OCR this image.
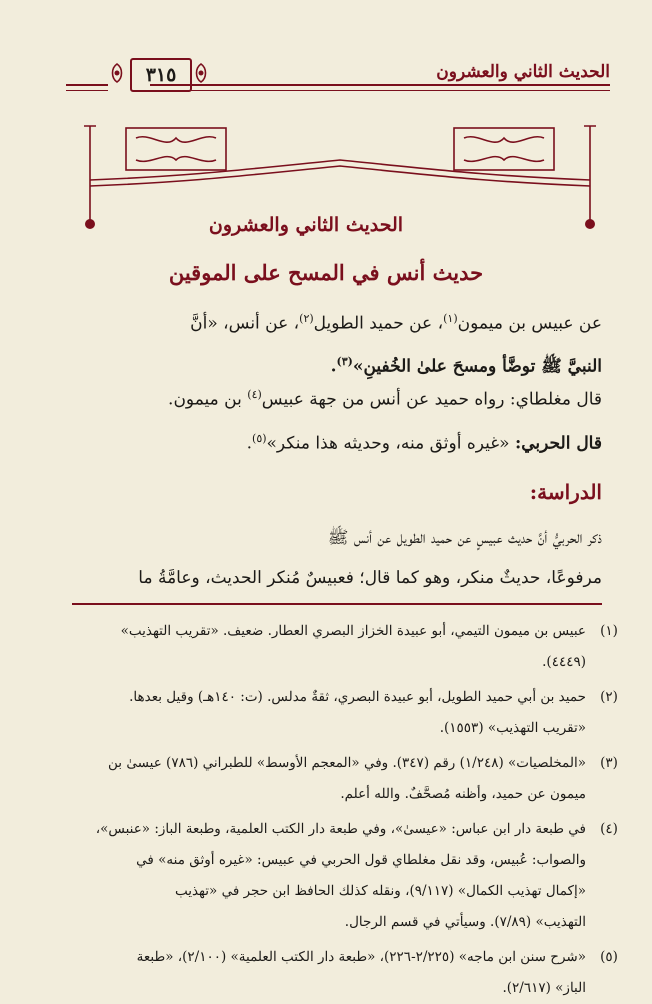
الحديث الثاني والعشرون
٣١٥
الحديث الثاني والعشرون
حديث أنس في المسح على الموقين
عن عبيس بن ميمون$^{(١)}$، عن حميد الطويل$^{(٢)}$، عن أنس، «أنَّ
النبيَّ ﷺ توضَّأ ومسحَ علىٰ الخُفينِ»$^{(٣)}$.
قال مغلطاي: رواه حميد عن أنس من جهة عبيس$^{(٤)}$ بن ميمون.
قال الحربي: «غيره أوثق منه، وحديثه هذا منكر»$^{(٥)}$.
الدراسة:
ذكر الحربيُّ أنَّ حديث عبيسٍ عن حميد الطويل عن أنس ﷺ
مرفوعًا، حديثٌ منكر، وهو كما قال؛ فعبيسٌ مُنكر الحديث، وعامَّةُ ما
(١)
عبيس بن ميمون التيمي، أبو عبيدة الخزاز البصري العطار. ضعيف. «تقريب التهذيب»
(٤٤٤٩).
(٢)
حميد بن أبي حميد الطويل، أبو عبيدة البصري، ثقةٌ مدلس. (ت: ١٤٠هـ) وقيل بعدها.
«تقريب التهذيب» (١٥٥٣).
(٣)
«المخلصيات» (١/٢٤٨) رقم (٣٤٧). وفي «المعجم الأوسط» للطبراني (٧٨٦) عيسىٰ بن
ميمون عن حميد، وأظنه مُصحَّفٌ. والله أعلم.
(٤)
في طبعة دار ابن عباس: «عيسىٰ»، وفي طبعة دار الكتب العلمية، وطبعة الباز: «عنبس»،
والصواب: عُبيس، وقد نقل مغلطاي قول الحربي في عبيس: «غيره أوثق منه» في
«إكمال تهذيب الكمال» (٩/١١٧)، ونقله كذلك الحافظ ابن حجر في «تهذيب
التهذيب» (٧/٨٩). وسيأتي في قسم الرجال.
(٥)
«شرح سنن ابن ماجه» (٢/٢٢٥-٢٢٦)، «طبعة دار الكتب العلمية» (٢/١٠٠)، «طبعة
الباز» (٢/٦١٧).
